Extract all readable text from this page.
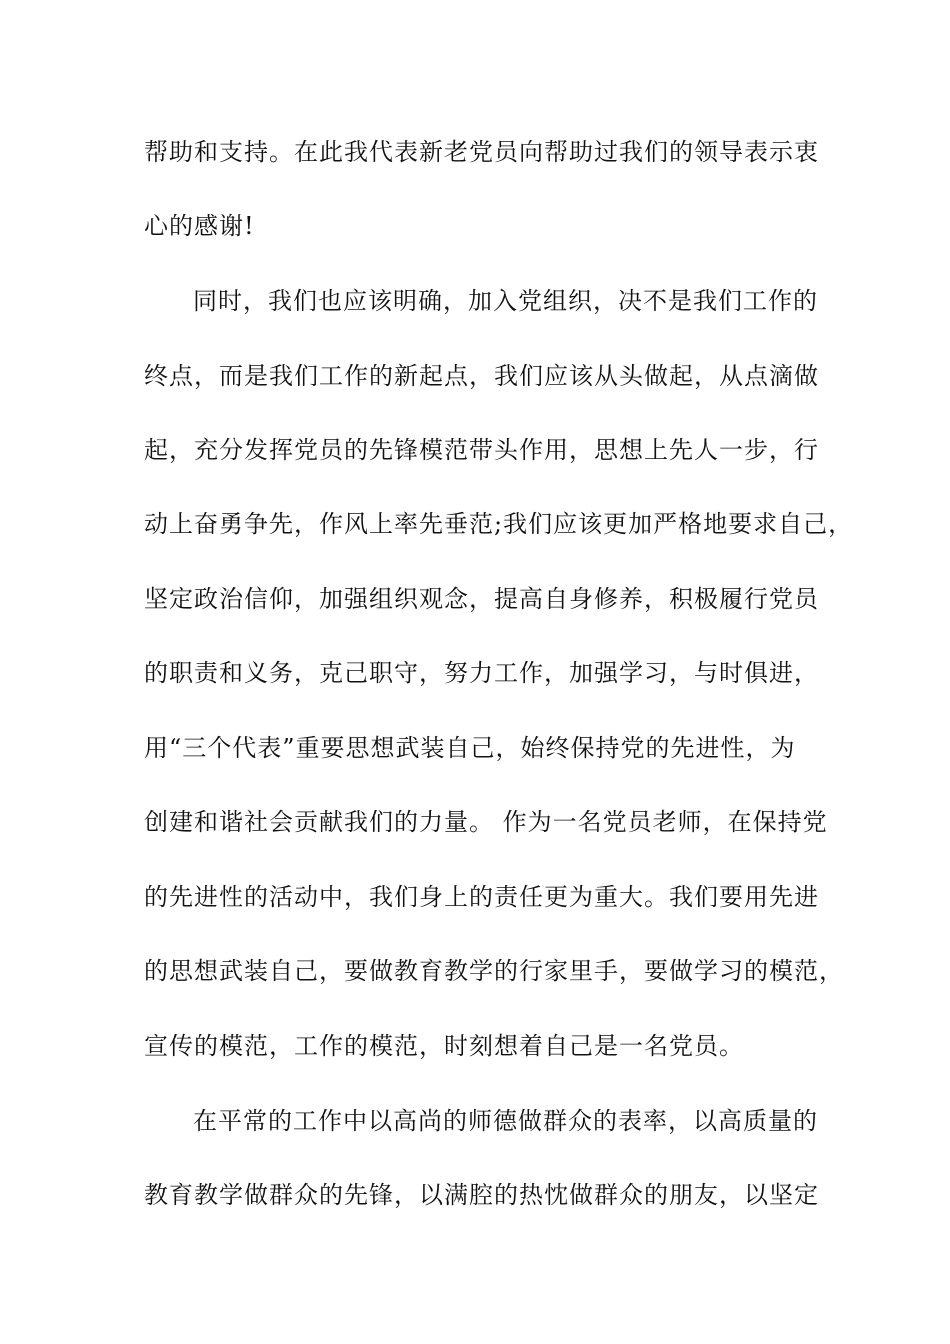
帮助和支持。在此我代表新老党员向帮助过我们的领导表示衷
心的感谢!
同时，我们也应该明确，加入党组织，决不是我们工作的
终点，而是我们工作的新起点，我们应该从头做起，从点滴做
起，充分发挥党员的先锋模范带头作用，思想上先人一步，行
动上奋勇争先，作风上率先垂范;我们应该更加严格地要求自己，
坚定政治信仰，加强组织观念，提高自身修养，积极履行党员
的职责和义务，克己职守，努力工作，加强学习，与时俱进，
用“三个代表”重要思想武装自己，始终保持党的先进性，为
创建和谐社会贡献我们的力量。 作为一名党员老师，在保持党
的先进性的活动中，我们身上的责任更为重大。我们要用先进
的思想武装自己，要做教育教学的行家里手，要做学习的模范，
宣传的模范，工作的模范，时刻想着自己是一名党员。
在平常的工作中以高尚的师德做群众的表率，以高质量的
教育教学做群众的先锋，以满腔的热忱做群众的朋友，以坚定
